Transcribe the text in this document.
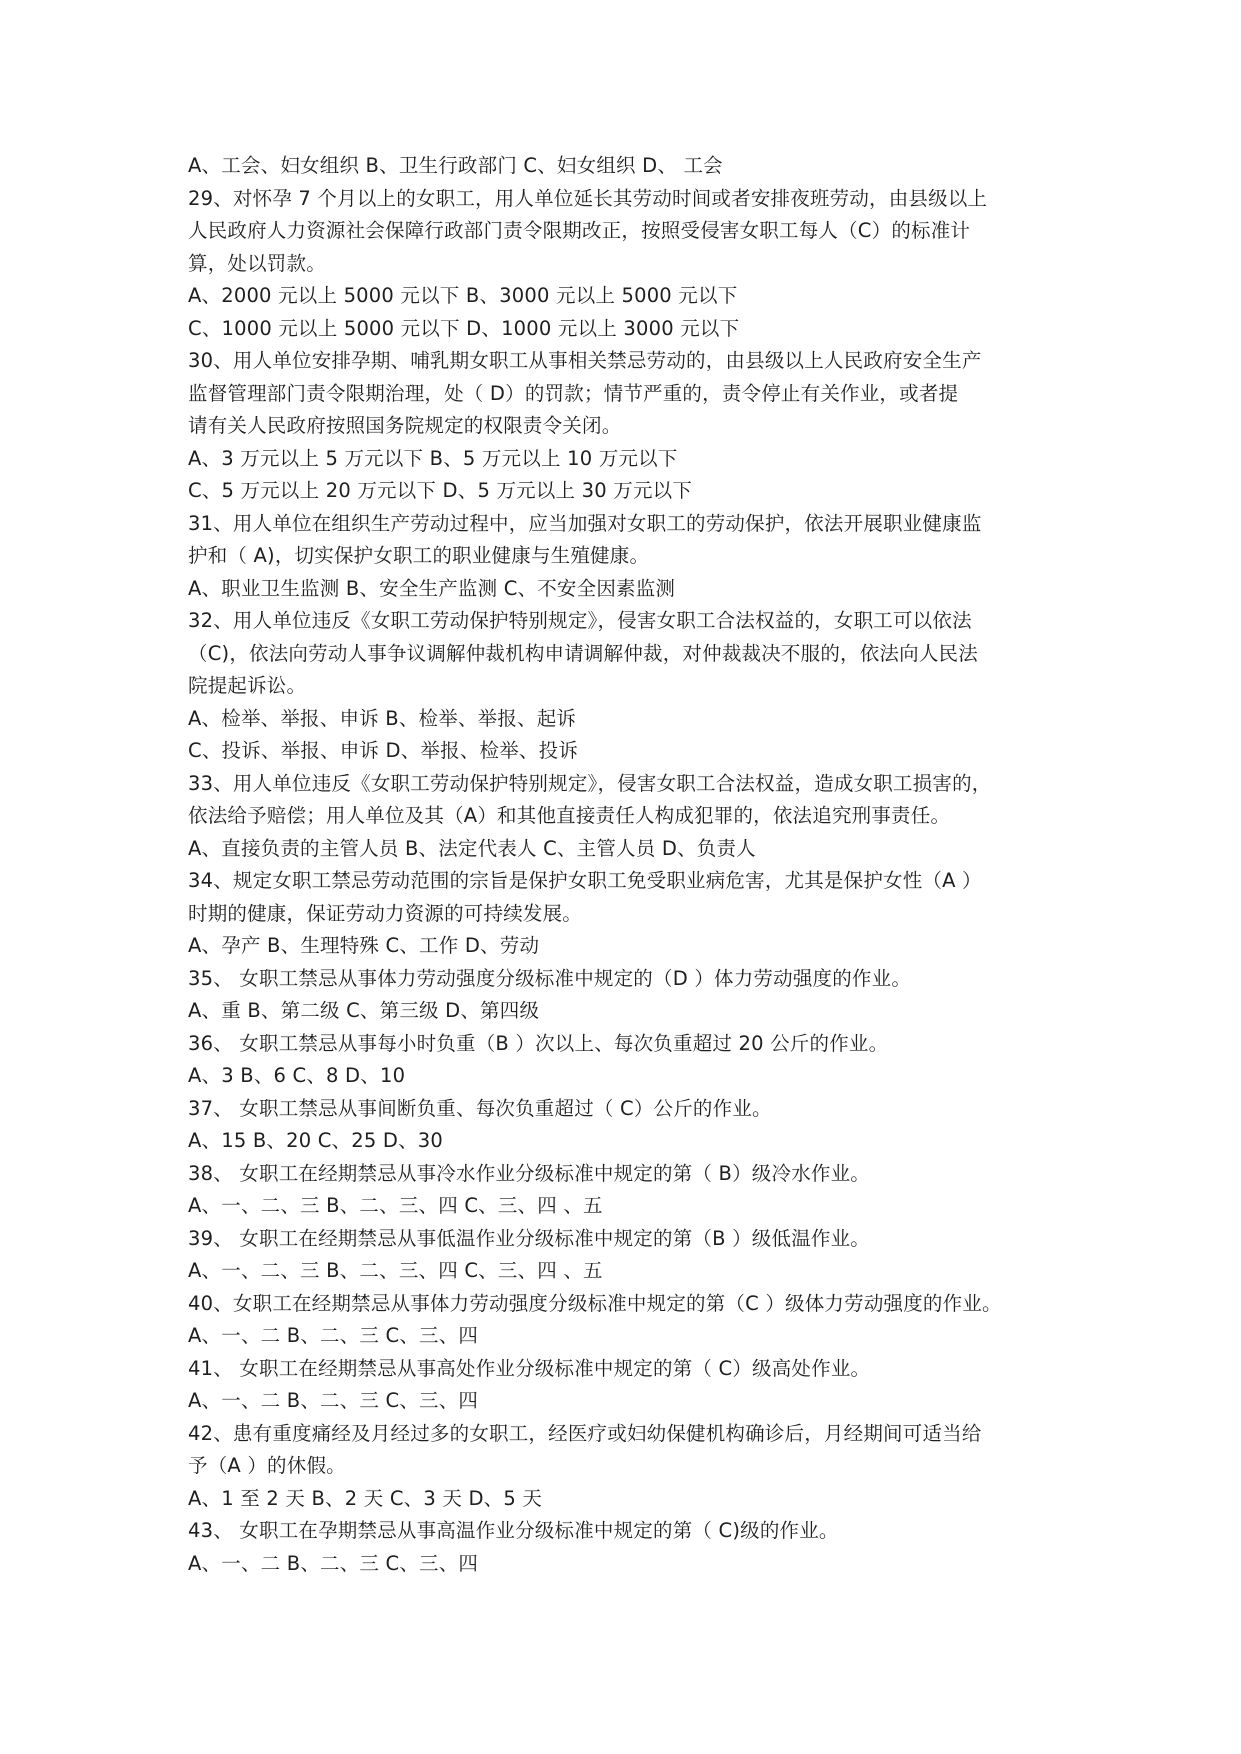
A、工会、妇女组织 B、卫生行政部门 C、妇女组织 D、 工会
29、对怀孕 7 个月以上的女职工，用人单位延长其劳动时间或者安排夜班劳动，由县级以上
人民政府人力资源社会保障行政部门责令限期改正，按照受侵害女职工每人（C）的标准计
算，处以罚款。
A、2000 元以上 5000 元以下 B、3000 元以上 5000 元以下
C、1000 元以上 5000 元以下 D、1000 元以上 3000 元以下
30、用人单位安排孕期、哺乳期女职工从事相关禁忌劳动的，由县级以上人民政府安全生产
监督管理部门责令限期治理，处（ D）的罚款；情节严重的，责令停止有关作业，或者提
请有关人民政府按照国务院规定的权限责令关闭。
A、3 万元以上 5 万元以下 B、5 万元以上 10 万元以下
C、5 万元以上 20 万元以下 D、5 万元以上 30 万元以下
31、用人单位在组织生产劳动过程中，应当加强对女职工的劳动保护，依法开展职业健康监
护和（ A)，切实保护女职工的职业健康与生殖健康。
A、职业卫生监测 B、安全生产监测 C、不安全因素监测
32、用人单位违反《女职工劳动保护特别规定》，侵害女职工合法权益的，女职工可以依法
（C)，依法向劳动人事争议调解仲裁机构申请调解仲裁，对仲裁裁决不服的，依法向人民法
院提起诉讼。
A、检举、举报、申诉 B、检举、举报、起诉
C、投诉、举报、申诉 D、举报、检举、投诉
33、用人单位违反《女职工劳动保护特别规定》，侵害女职工合法权益，造成女职工损害的，
依法给予赔偿；用人单位及其（A）和其他直接责任人构成犯罪的，依法追究刑事责任。
A、直接负责的主管人员 B、法定代表人 C、主管人员 D、负责人
34、规定女职工禁忌劳动范围的宗旨是保护女职工免受职业病危害，尤其是保护女性（A ）
时期的健康，保证劳动力资源的可持续发展。
A、孕产 B、生理特殊 C、工作 D、劳动
35、 女职工禁忌从事体力劳动强度分级标准中规定的（D ）体力劳动强度的作业。
A、重 B、第二级 C、第三级 D、第四级
36、 女职工禁忌从事每小时负重（B ）次以上、每次负重超过 20 公斤的作业。
A、3 B、6 C、8 D、10
37、 女职工禁忌从事间断负重、每次负重超过（ C）公斤的作业。
A、15 B、20 C、25 D、30
38、 女职工在经期禁忌从事冷水作业分级标准中规定的第（ B）级冷水作业。
A、一、二、三 B、二、三、四 C、三、四 、五
39、 女职工在经期禁忌从事低温作业分级标准中规定的第（B ）级低温作业。
A、一、二、三 B、二、三、四 C、三、四 、五
40、女职工在经期禁忌从事体力劳动强度分级标准中规定的第（C ）级体力劳动强度的作业。
A、一、二 B、二、三 C、三、四
41、 女职工在经期禁忌从事高处作业分级标准中规定的第（ C）级高处作业。
A、一、二 B、二、三 C、三、四
42、患有重度痛经及月经过多的女职工，经医疗或妇幼保健机构确诊后，月经期间可适当给
予（A ）的休假。
A、1 至 2 天 B、2 天 C、3 天 D、5 天
43、 女职工在孕期禁忌从事高温作业分级标准中规定的第（ C)级的作业。
A、一、二 B、二、三 C、三、四
